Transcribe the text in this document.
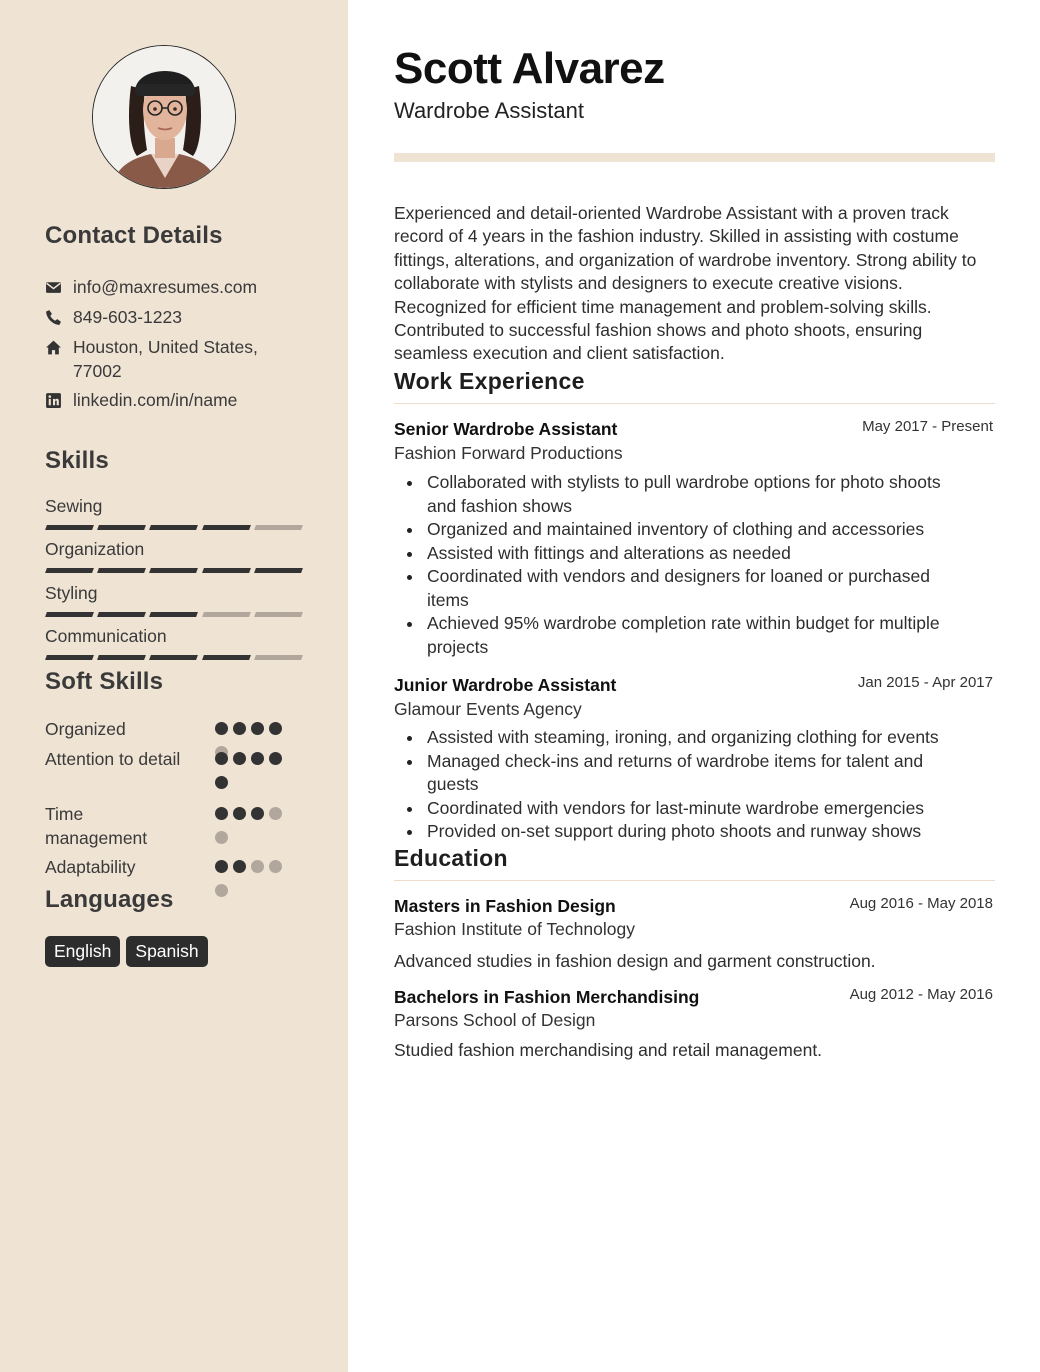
Contact Details
info@maxresumes.com
849-603-1223
Houston, United States, 77002
linkedin.com/in/name
Skills
Sewing
Organization
Styling
Communication
Soft Skills
Organized
Attention to detail
Time management
Adaptability
Languages
English	Spanish
Scott Alvarez
Wardrobe Assistant
Experienced and detail-oriented Wardrobe Assistant with a proven track record of 4 years in the fashion industry. Skilled in assisting with costume fittings, alterations, and organization of wardrobe inventory. Strong ability to collaborate with stylists and designers to execute creative visions. Recognized for efficient time management and problem-solving skills. Contributed to successful fashion shows and photo shoots, ensuring seamless execution and client satisfaction.
Work Experience
Senior Wardrobe Assistant	May 2017 - Present
Fashion Forward Productions
Collaborated with stylists to pull wardrobe options for photo shoots and fashion shows
Organized and maintained inventory of clothing and accessories
Assisted with fittings and alterations as needed
Coordinated with vendors and designers for loaned or purchased items
Achieved 95% wardrobe completion rate within budget for multiple projects
Junior Wardrobe Assistant	Jan 2015 - Apr 2017
Glamour Events Agency
Assisted with steaming, ironing, and organizing clothing for events
Managed check-ins and returns of wardrobe items for talent and guests
Coordinated with vendors for last-minute wardrobe emergencies
Provided on-set support during photo shoots and runway shows
Education
Masters in Fashion Design	Aug 2016 - May 2018
Fashion Institute of Technology
Advanced studies in fashion design and garment construction.
Bachelors in Fashion Merchandising	Aug 2012 - May 2016
Parsons School of Design
Studied fashion merchandising and retail management.
